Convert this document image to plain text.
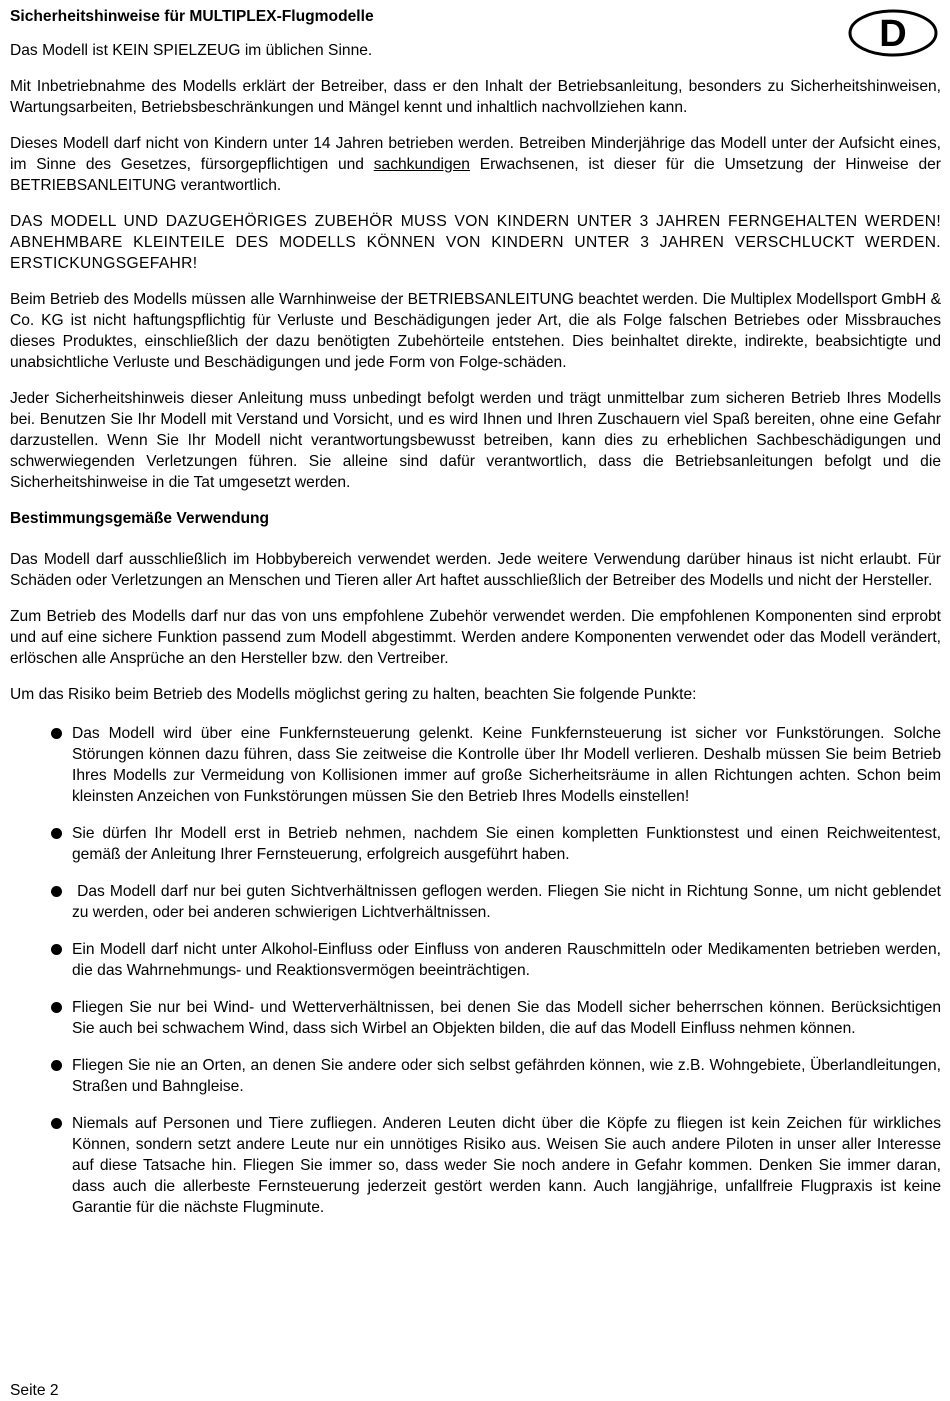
D
Sicherheitshinweise für MULTIPLEX-Flugmodelle

Das Modell ist KEIN SPIELZEUG im üblichen Sinne.

Mit Inbetriebnahme des Modells erklärt der Betreiber, dass er den Inhalt der Betriebsanleitung, besonders zu Sicherheitshinweisen, Wartungsarbeiten, Betriebsbeschränkungen und Mängel kennt und inhaltlich nachvollziehen kann.

Dieses Modell darf nicht von Kindern unter 14 Jahren betrieben werden. Betreiben Minderjährige das Modell unter der Aufsicht eines, im Sinne des Gesetzes, fürsorgepflichtigen und sachkundigen Erwachsenen, ist dieser für die Umsetzung der Hinweise der BETRIEBSANLEITUNG verantwortlich.

DAS MODELL UND DAZUGEHÖRIGES ZUBEHÖR MUSS VON KINDERN UNTER 3 JAHREN FERNGEHALTEN WERDEN! ABNEHMBARE KLEINTEILE DES MODELLS KÖNNEN VON KINDERN UNTER 3 JAHREN VERSCHLUCKT WERDEN. ERSTICKUNGSGEFAHR!

Beim Betrieb des Modells müssen alle Warnhinweise der BETRIEBSANLEITUNG beachtet werden. Die Multiplex Modellsport GmbH & Co. KG ist nicht haftungspflichtig für Verluste und Beschädigungen jeder Art, die als Folge falschen Betriebes oder Missbrauches dieses Produktes, einschließlich der dazu benötigten Zubehörteile entstehen. Dies beinhaltet direkte, indirekte, beabsichtigte und unabsichtliche Verluste und Beschädigungen und jede Form von Folge-schäden.

Jeder Sicherheitshinweis dieser Anleitung muss unbedingt befolgt werden und trägt unmittelbar zum sicheren Betrieb Ihres Modells bei. Benutzen Sie Ihr Modell mit Verstand und Vorsicht, und es wird Ihnen und Ihren Zuschauern viel Spaß bereiten, ohne eine Gefahr darzustellen. Wenn Sie Ihr Modell nicht verantwortungsbewusst betreiben, kann dies zu erheblichen Sachbeschädigungen und schwerwiegenden Verletzungen führen. Sie alleine sind dafür verantwortlich, dass die Betriebsanleitungen befolgt und die Sicherheitshinweise in die Tat umgesetzt werden.

Bestimmungsgemäße Verwendung

Das Modell darf ausschließlich im Hobbybereich verwendet werden. Jede weitere Verwendung darüber hinaus ist nicht erlaubt. Für Schäden oder Verletzungen an Menschen und Tieren aller Art haftet ausschließlich der Betreiber des Modells und nicht der Hersteller.

Zum Betrieb des Modells darf nur das von uns empfohlene Zubehör verwendet werden. Die empfohlenen Komponenten sind erprobt und auf eine sichere Funktion passend zum Modell abgestimmt. Werden andere Komponenten verwendet oder das Modell verändert, erlöschen alle Ansprüche an den Hersteller bzw. den Vertreiber.

Um das Risiko beim Betrieb des Modells möglichst gering zu halten, beachten Sie folgende Punkte:

Das Modell wird über eine Funkfernsteuerung gelenkt. Keine Funkfernsteuerung ist sicher vor Funkstörungen. Solche Störungen können dazu führen, dass Sie zeitweise die Kontrolle über Ihr Modell verlieren. Deshalb müssen Sie beim Betrieb Ihres Modells zur Vermeidung von Kollisionen immer auf große Sicherheitsräume in allen Richtungen achten. Schon beim kleinsten Anzeichen von Funkstörungen müssen Sie den Betrieb Ihres Modells einstellen!
Sie dürfen Ihr Modell erst in Betrieb nehmen, nachdem Sie einen kompletten Funktionstest und einen Reichweitentest, gemäß der Anleitung Ihrer Fernsteuerung, erfolgreich ausgeführt haben.
Das Modell darf nur bei guten Sichtverhältnissen geflogen werden. Fliegen Sie nicht in Richtung Sonne, um nicht geblendet zu werden, oder bei anderen schwierigen Lichtverhältnissen.
Ein Modell darf nicht unter Alkohol-Einfluss oder Einfluss von anderen Rauschmitteln oder Medikamenten betrieben werden, die das Wahrnehmungs- und Reaktionsvermögen beeinträchtigen.
Fliegen Sie nur bei Wind- und Wetterverhältnissen, bei denen Sie das Modell sicher beherrschen können. Berücksichtigen Sie auch bei schwachem Wind, dass sich Wirbel an Objekten bilden, die auf das Modell Einfluss nehmen können.
Fliegen Sie nie an Orten, an denen Sie andere oder sich selbst gefährden können, wie z.B. Wohngebiete, Überlandleitungen, Straßen und Bahngleise.
Niemals auf Personen und Tiere zufliegen. Anderen Leuten dicht über die Köpfe zu fliegen ist kein Zeichen für wirkliches Können, sondern setzt andere Leute nur ein unnötiges Risiko aus. Weisen Sie auch andere Piloten in unser aller Interesse auf diese Tatsache hin. Fliegen Sie immer so, dass weder Sie noch andere in Gefahr kommen. Denken Sie immer daran, dass auch die allerbeste Fernsteuerung jederzeit gestört werden kann. Auch langjährige, unfallfreie Flugpraxis ist keine Garantie für die nächste Flugminute.
Seite 2
